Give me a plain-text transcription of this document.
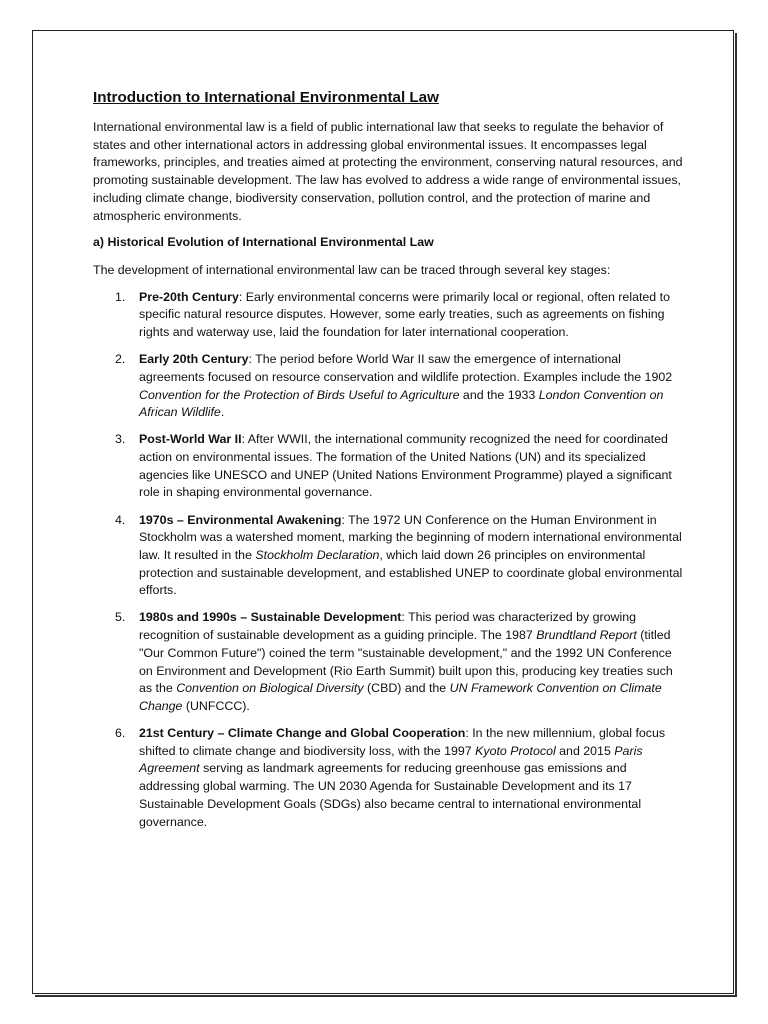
Introduction to International Environmental Law

International environmental law is a field of public international law that seeks to regulate the behavior of states and other international actors in addressing global environmental issues. It encompasses legal frameworks, principles, and treaties aimed at protecting the environment, conserving natural resources, and promoting sustainable development. The law has evolved to address a wide range of environmental issues, including climate change, biodiversity conservation, pollution control, and the protection of marine and atmospheric environments.

a) Historical Evolution of International Environmental Law

The development of international environmental law can be traced through several key stages:

1. Pre-20th Century: Early environmental concerns were primarily local or regional, often related to specific natural resource disputes. However, some early treaties, such as agreements on fishing rights and waterway use, laid the foundation for later international cooperation.
2. Early 20th Century: The period before World War II saw the emergence of international agreements focused on resource conservation and wildlife protection. Examples include the 1902 Convention for the Protection of Birds Useful to Agriculture and the 1933 London Convention on African Wildlife.
3. Post-World War II: After WWII, the international community recognized the need for coordinated action on environmental issues. The formation of the United Nations (UN) and its specialized agencies like UNESCO and UNEP (United Nations Environment Programme) played a significant role in shaping environmental governance.
4. 1970s – Environmental Awakening: The 1972 UN Conference on the Human Environment in Stockholm was a watershed moment, marking the beginning of modern international environmental law. It resulted in the Stockholm Declaration, which laid down 26 principles on environmental protection and sustainable development, and established UNEP to coordinate global environmental efforts.
5. 1980s and 1990s – Sustainable Development: This period was characterized by growing recognition of sustainable development as a guiding principle. The 1987 Brundtland Report (titled "Our Common Future") coined the term "sustainable development," and the 1992 UN Conference on Environment and Development (Rio Earth Summit) built upon this, producing key treaties such as the Convention on Biological Diversity (CBD) and the UN Framework Convention on Climate Change (UNFCCC).
6. 21st Century – Climate Change and Global Cooperation: In the new millennium, global focus shifted to climate change and biodiversity loss, with the 1997 Kyoto Protocol and 2015 Paris Agreement serving as landmark agreements for reducing greenhouse gas emissions and addressing global warming. The UN 2030 Agenda for Sustainable Development and its 17 Sustainable Development Goals (SDGs) also became central to international environmental governance.
